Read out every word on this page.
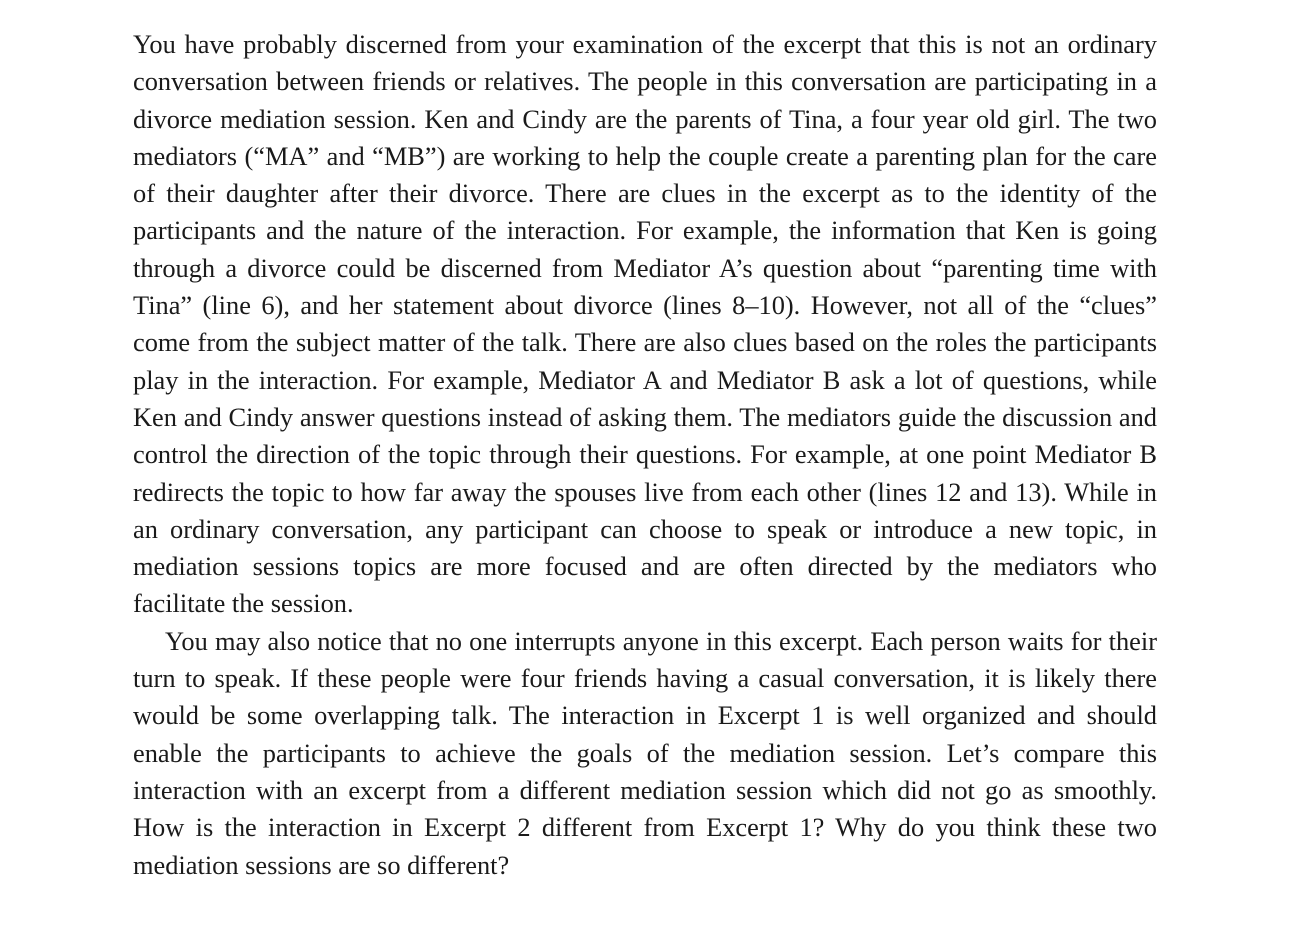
You have probably discerned from your examination of the excerpt that this is not an ordinary conversation between friends or relatives. The people in this conversation are participating in a divorce mediation session. Ken and Cindy are the parents of Tina, a four year old girl. The two mediators (“MA” and “MB”) are working to help the couple create a parenting plan for the care of their daughter after their divorce. There are clues in the excerpt as to the identity of the participants and the nature of the interaction. For example, the information that Ken is going through a divorce could be discerned from Mediator A’s question about “parenting time with Tina” (line 6), and her statement about divorce (lines 8–10). However, not all of the “clues” come from the subject matter of the talk. There are also clues based on the roles the participants play in the interaction. For example, Mediator A and Mediator B ask a lot of questions, while Ken and Cindy answer questions instead of asking them. The mediators guide the discussion and control the direction of the topic through their questions. For example, at one point Mediator B redirects the topic to how far away the spouses live from each other (lines 12 and 13). While in an ordinary conversation, any participant can choose to speak or introduce a new topic, in mediation sessions topics are more focused and are often directed by the mediators who facilitate the session.

You may also notice that no one interrupts anyone in this excerpt. Each person waits for their turn to speak. If these people were four friends having a casual conversation, it is likely there would be some overlapping talk. The interaction in Excerpt 1 is well organized and should enable the participants to achieve the goals of the mediation session. Let’s compare this interaction with an excerpt from a different mediation session which did not go as smoothly. How is the interaction in Excerpt 2 different from Excerpt 1? Why do you think these two mediation sessions are so different?
